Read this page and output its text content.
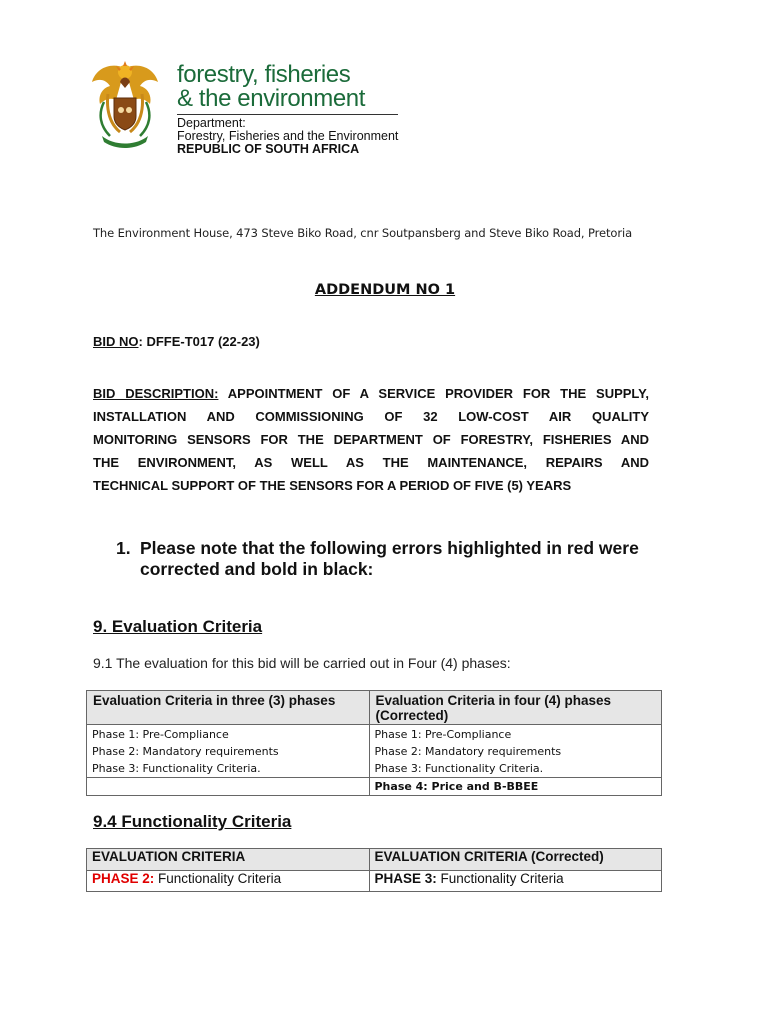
forestry, fisheries
& the environment
Department:
Forestry, Fisheries and the Environment
REPUBLIC OF SOUTH AFRICA
The Environment House, 473 Steve Biko Road, cnr Soutpansberg and Steve Biko Road, Pretoria
ADDENDUM NO 1
BID NO: DFFE-T017 (22-23)
BID DESCRIPTION: APPOINTMENT OF A SERVICE PROVIDER FOR THE SUPPLY,
INSTALLATION AND COMMISSIONING OF 32 LOW-COST AIR QUALITY
MONITORING SENSORS FOR THE DEPARTMENT OF FORESTRY, FISHERIES AND
THE ENVIRONMENT, AS WELL AS THE MAINTENANCE, REPAIRS AND
TECHNICAL SUPPORT OF THE SENSORS FOR A PERIOD OF FIVE (5) YEARS
1. Please note that the following errors highlighted in red were
corrected and bold in black:
9. Evaluation Criteria
9.1 The evaluation for this bid will be carried out in Four (4) phases:
Evaluation Criteria in three (3) phases	Evaluation Criteria in four (4) phases (Corrected)
Phase 1: Pre-Compliance	Phase 1: Pre-Compliance
Phase 2: Mandatory requirements	Phase 2: Mandatory requirements
Phase 3: Functionality Criteria.	Phase 3: Functionality Criteria.
	Phase 4: Price and B-BBEE
9.4 Functionality Criteria
EVALUATION CRITERIA	EVALUATION CRITERIA (Corrected)
PHASE 2: Functionality Criteria	PHASE 3: Functionality Criteria
